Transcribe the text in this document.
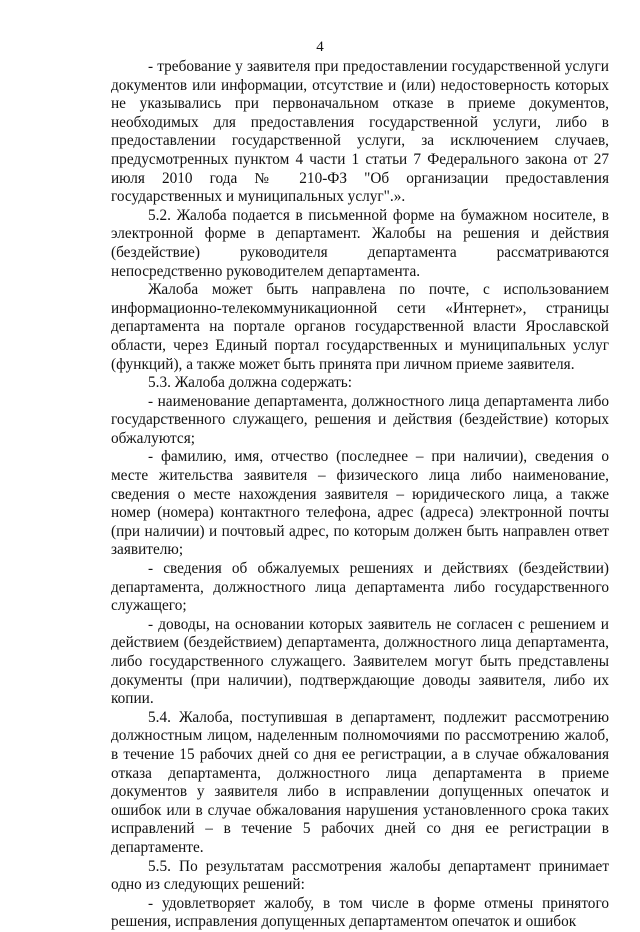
4

- требование у заявителя при предоставлении государственной услуги документов или информации, отсутствие и (или) недостоверность которых не указывались при первоначальном отказе в приеме документов, необходимых для предоставления государственной услуги, либо в предоставлении государственной услуги, за исключением случаев, предусмотренных пунктом 4 части 1 статьи 7 Федерального закона от 27 июля 2010 года № 210-ФЗ "Об организации предоставления государственных и муниципальных услуг".».

5.2. Жалоба подается в письменной форме на бумажном носителе, в электронной форме в департамент. Жалобы на решения и действия (бездействие) руководителя департамента рассматриваются непосредственно руководителем департамента.

Жалоба может быть направлена по почте, с использованием информационно-телекоммуникационной сети «Интернет», страницы департамента на портале органов государственной власти Ярославской области, через Единый портал государственных и муниципальных услуг (функций), а также может быть принята при личном приеме заявителя.

5.3. Жалоба должна содержать:

- наименование департамента, должностного лица департамента либо государственного служащего, решения и действия (бездействие) которых обжалуются;

- фамилию, имя, отчество (последнее – при наличии), сведения о месте жительства заявителя – физического лица либо наименование, сведения о месте нахождения заявителя – юридического лица, а также номер (номера) контактного телефона, адрес (адреса) электронной почты (при наличии) и почтовый адрес, по которым должен быть направлен ответ заявителю;

- сведения об обжалуемых решениях и действиях (бездействии) департамента, должностного лица департамента либо государственного служащего;

- доводы, на основании которых заявитель не согласен с решением и действием (бездействием) департамента, должностного лица департамента, либо государственного служащего. Заявителем могут быть представлены документы (при наличии), подтверждающие доводы заявителя, либо их копии.

5.4. Жалоба, поступившая в департамент, подлежит рассмотрению должностным лицом, наделенным полномочиями по рассмотрению жалоб, в течение 15 рабочих дней со дня ее регистрации, а в случае обжалования отказа департамента, должностного лица департамента в приеме документов у заявителя либо в исправлении допущенных опечаток и ошибок или в случае обжалования нарушения установленного срока таких исправлений – в течение 5 рабочих дней со дня ее регистрации в департаменте.

5.5. По результатам рассмотрения жалобы департамент принимает одно из следующих решений:

- удовлетворяет жалобу, в том числе в форме отмены принятого решения, исправления допущенных департаментом опечаток и ошибок
